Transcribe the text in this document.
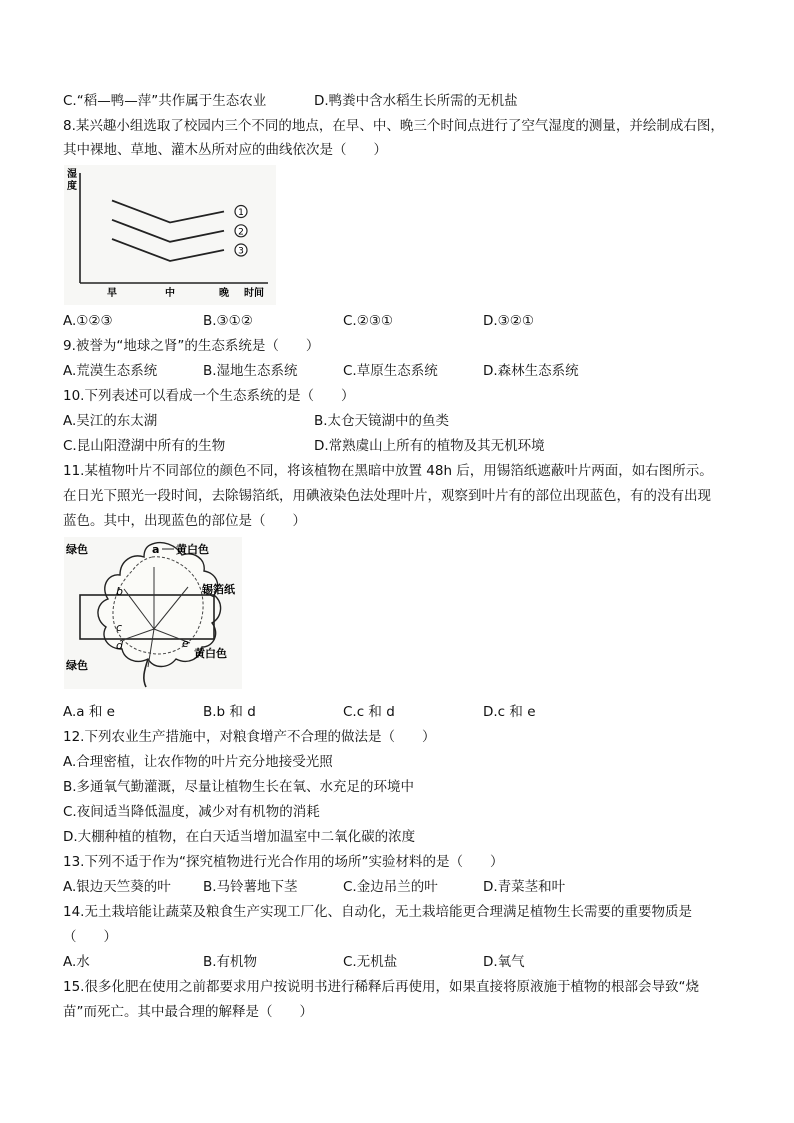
C.“稻—鸭—萍”共作属于生态农业	D.鸭粪中含水稻生长所需的无机盐
8.某兴趣小组选取了校园内三个不同的地点，在早、中、晚三个时间点进行了空气湿度的测量，并绘制成右图，
其中裸地、草地、灌木丛所对应的曲线依次是（　　）
湿
度
1
2
3
早	中	晚 时间
A.①②③	B.③①②	C.②③①	D.③②①
9.被誉为“地球之肾”的生态系统是（　　）
A.荒漠生态系统	B.湿地生态系统	C.草原生态系统	D.森林生态系统
10.下列表述可以看成一个生态系统的是（　　）
A.吴江的东太湖	B.太仓天镜湖中的鱼类
C.昆山阳澄湖中所有的生物	D.常熟虞山上所有的植物及其无机环境
11.某植物叶片不同部位的颜色不同，将该植物在黑暗中放置 48h 后，用锡箔纸遮蔽叶片两面，如右图所示。
在日光下照光一段时间，去除锡箔纸，用碘液染色法处理叶片，观察到叶片有的部位出现蓝色，有的没有出现
蓝色。其中，出现蓝色的部位是（　　）
绿色	a 黄白色
锡箔纸
b
c
d	e
绿色
黄白色
A.a 和 e	B.b 和 d	C.c 和 d	D.c 和 e
12.下列农业生产措施中，对粮食增产不合理的做法是（　　）
A.合理密植，让农作物的叶片充分地接受光照
B.多通氧气勤灌溉，尽量让植物生长在氧、水充足的环境中
C.夜间适当降低温度，减少对有机物的消耗
D.大棚种植的植物，在白天适当增加温室中二氧化碳的浓度
13.下列不适于作为“探究植物进行光合作用的场所”实验材料的是（　　）
A.银边天竺葵的叶 B.马铃薯地下茎	C.金边吊兰的叶	D.青菜茎和叶
14.无土栽培能让蔬菜及粮食生产实现工厂化、自动化，无土栽培能更合理满足植物生长需要的重要物质是
（　　）
A.水	B.有机物	C.无机盐	D.氧气
15.很多化肥在使用之前都要求用户按说明书进行稀释后再使用，如果直接将原液施于植物的根部会导致“烧
苗”而死亡。其中最合理的解释是（　　）
